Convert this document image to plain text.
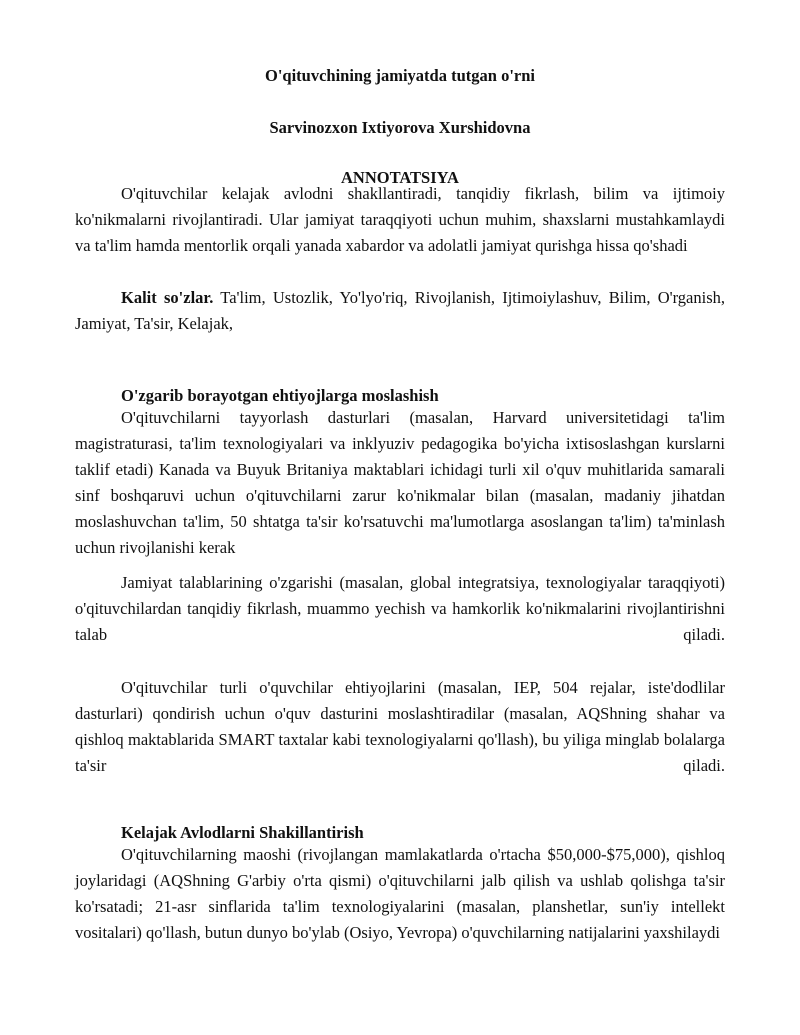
O'qituvchining jamiyatda tutgan o'rni
Sarvinozxon Ixtiyorova Xurshidovna
ANNOTATSIYA
O'qituvchilar kelajak avlodni shakllantiradi, tanqidiy fikrlash, bilim va ijtimoiy ko'nikmalarni rivojlantiradi. Ular jamiyat taraqqiyoti uchun muhim, shaxslarni mustahkamlaydi va ta'lim hamda mentorlik orqali yanada xabardor va adolatli jamiyat qurishga hissa qo'shadi
Kalit so'zlar. Ta'lim, Ustozlik, Yo'lyo'riq, Rivojlanish, Ijtimoiylashuv, Bilim, O'rganish, Jamiyat, Ta'sir, Kelajak,
O'zgarib borayotgan ehtiyojlarga moslashish
O'qituvchilarni tayyorlash dasturlari (masalan, Harvard universitetidagi ta'lim magistraturasi, ta'lim texnologiyalari va inklyuziv pedagogika bo'yicha ixtisoslashgan kurslarni taklif etadi) Kanada va Buyuk Britaniya maktablari ichidagi turli xil o'quv muhitlarida samarali sinf boshqaruvi uchun o'qituvchilarni zarur ko'nikmalar bilan (masalan, madaniy jihatdan moslashuvchan ta'lim, 50 shtatga ta'sir ko'rsatuvchi ma'lumotlarga asoslangan ta'lim) ta'minlash uchun rivojlanishi kerak
Jamiyat talablarining o'zgarishi (masalan, global integratsiya, texnologiyalar taraqqiyoti) o'qituvchilardan tanqidiy fikrlash, muammo yechish va hamkorlik ko'nikmalarini rivojlantirishni talab qiladi.
O'qituvchilar turli o'quvchilar ehtiyojlarini (masalan, IEP, 504 rejalar, iste'dodlilar dasturlari) qondirish uchun o'quv dasturini moslashtiradilar (masalan, AQShning shahar va qishloq maktablarida SMART taxtalar kabi texnologiyalarni qo'llash), bu yiliga minglab bolalarga ta'sir qiladi.
Kelajak Avlodlarni Shakillantirish
O'qituvchilarning maoshi (rivojlangan mamlakatlarda o'rtacha $50,000-$75,000), qishloq joylaridagi (AQShning G'arbiy o'rta qismi) o'qituvchilarni jalb qilish va ushlab qolishga ta'sir ko'rsatadi; 21-asr sinflarida ta'lim texnologiyalarini (masalan, planshetlar, sun'iy intellekt vositalari) qo'llash, butun dunyo bo'ylab (Osiyo, Yevropa) o'quvchilarning natijalarini yaxshilaydi
